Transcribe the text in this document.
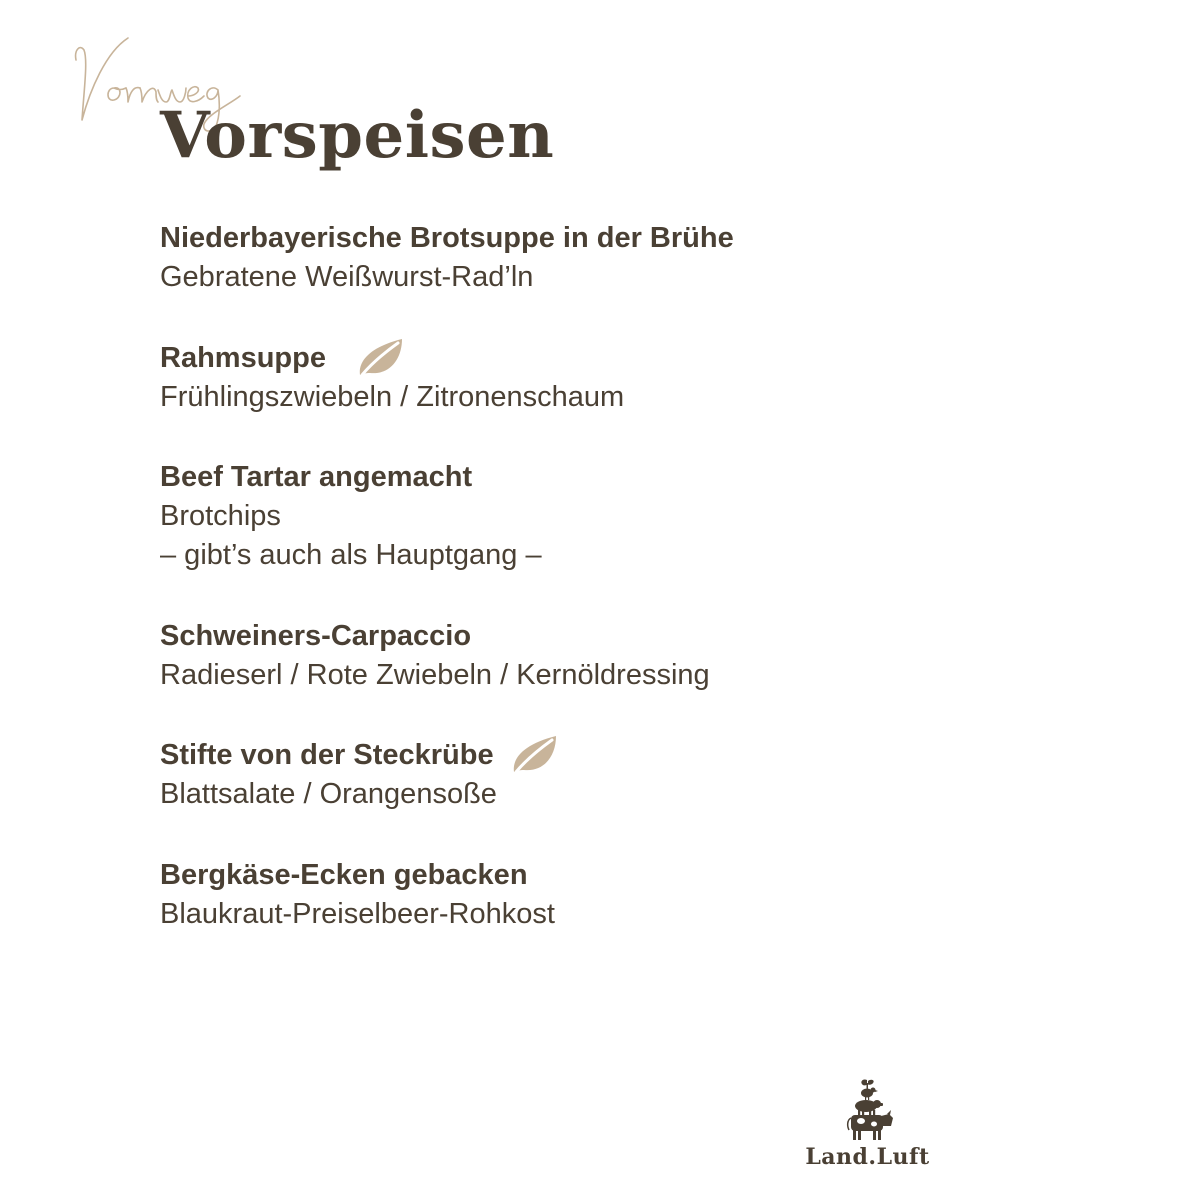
Vorspeisen
Niederbayerische Brotsuppe in der Brühe
Gebratene Weißwurst-Rad’ln
Rahmsuppe
Frühlingszwiebeln / Zitronenschaum
Beef Tartar angemacht
Brotchips
– gibt’s auch als Hauptgang –
Schweiners-Carpaccio
Radieserl / Rote Zwiebeln / Kernöldressing
Stifte von der Steckrübe
Blattsalate / Orangensoße
Bergkäse-Ecken gebacken
Blaukraut-Preiselbeer-Rohkost
Land.Luft
